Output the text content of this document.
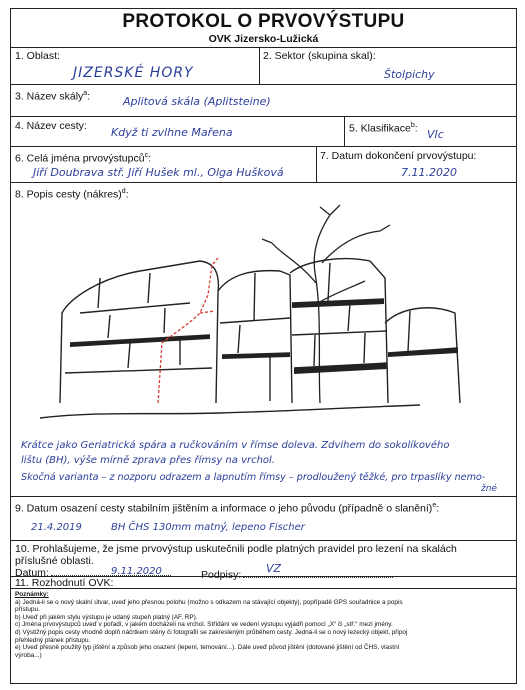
PROTOKOL O PRVOVÝSTUPU
OVK Jizersko-Lužická
1. Oblast:
JIZERSKÉ HORY
2. Sektor (skupina skal):
Štolpichy
3. Název skály$^a$:	Aplitová skála (Aplitsteine)
4. Název cesty: Když ti zvlhne Mařena	5. Klasifikace$^b$: VIc
6. Celá jména prvovýstupců$^c$:
Jiří Doubrava stř. Jiří Hušek ml., Olga Hušková
7. Datum dokončení prvovýstupu:
7.11.2020
8. Popis cesty (nákres)$^d$:
Krátce jako Geriatrická spára a ručkováním v římse doleva. Zdvihem do sokolíkového
lištu (BH), výše mírně zprava přes římsy na vrchol.
Skočná varianta – z nozporu odrazem a lapnutím římsy – prodloužený těžké, pro trpaslíky nemo-
žné
9. Datum osazení cesty stabilním jištěním a informace o jeho původu (případně o slanění)$^e$:
21.4.2019	BH ČHS 130mm matný, lepeno Fischer
10. Prohlašujeme, že jsme prvovýstup uskutečnili podle platných pravidel pro lezení na skalách
příslušné oblasti.
Datum:	9.11.2020	Podpisy: VZ
11. Rozhodnutí OVK:
Poznámky:
a) Jedná-li se o nový skalní útvar, uveď jeho přesnou polohu (možno s odkazem na stávající objekty), popřípadě GPS souřadnice a popis
přístupu.
b) Uveď při jakém stylu výstupu je udaný stupeň platný (AF, RP).
c) Jména prvovýstupců uveď v pořadí, v jakém docházeli na vrchol. Střídání ve vedení výstupu vyjádři pomocí „X“ či „stř.“ mezi jmény.
d) Výstižný popis cesty vhodně doplň náčrtkem stěny či fotografií se zakresleným průběhem cesty. Jedná-li se o nový lezecký objekt, připoj
přehledný plánek přístupu.
e) Uveď přesně použitý typ jištění a způsob jeho osazení (lepení, temování...). Dále uveď původ jištění (dotované jištění od ČHS, vlastní
výroba...)
